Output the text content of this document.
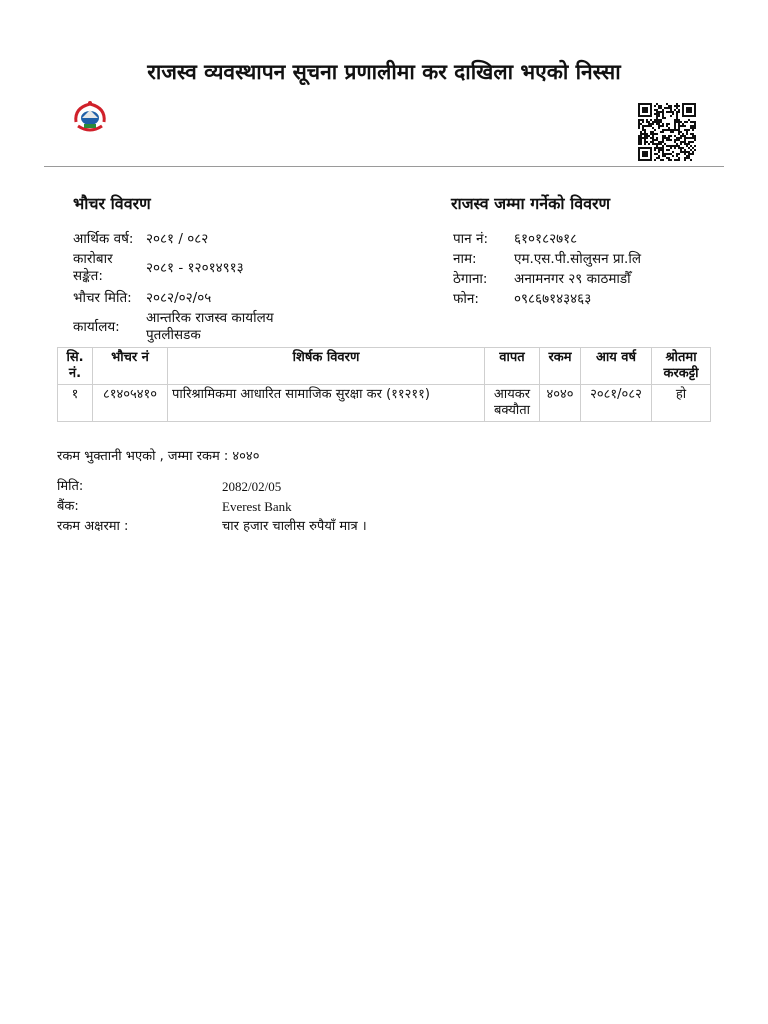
राजस्व व्यवस्थापन सूचना प्रणालीमा कर दाखिला भएको निस्सा
भौचर विवरण
आर्थिक वर्ष: २०८१ / ०८२
कारोबार
सङ्केत:	२०८१ - १२०१४९१३
भौचर मिति: २०८२/०२/०५
कार्यालय:
आन्तरिक राजस्व कार्यालय
पुतलीसडक
राजस्व जम्मा गर्नेको विवरण
पान नं: ६१०१८२७१८
नाम:	एम.एस.पी.सोलुसन प्रा.लि
ठेगाना: अनामनगर २९ काठमाडौँ
फोन:	०९८६७१४३४६३
सि. नं.	भौचर नं	शिर्षक विवरण	वापत	रकम	आय वर्ष	श्रोतमा करकट्टी
१	८१४०५४१०	पारिश्रामिकमा आधारित सामाजिक सुरक्षा कर (११२११)	आयकर बक्यौता	४०४०	२०८१/०८२	हो
रकम भुक्तानी भएको , जम्मा रकम : ४०४०
मिति:	2082/02/05
बैंक:	Everest Bank
रकम अक्षरमा :	चार हजार चालीस रुपैयाँ मात्र ।
